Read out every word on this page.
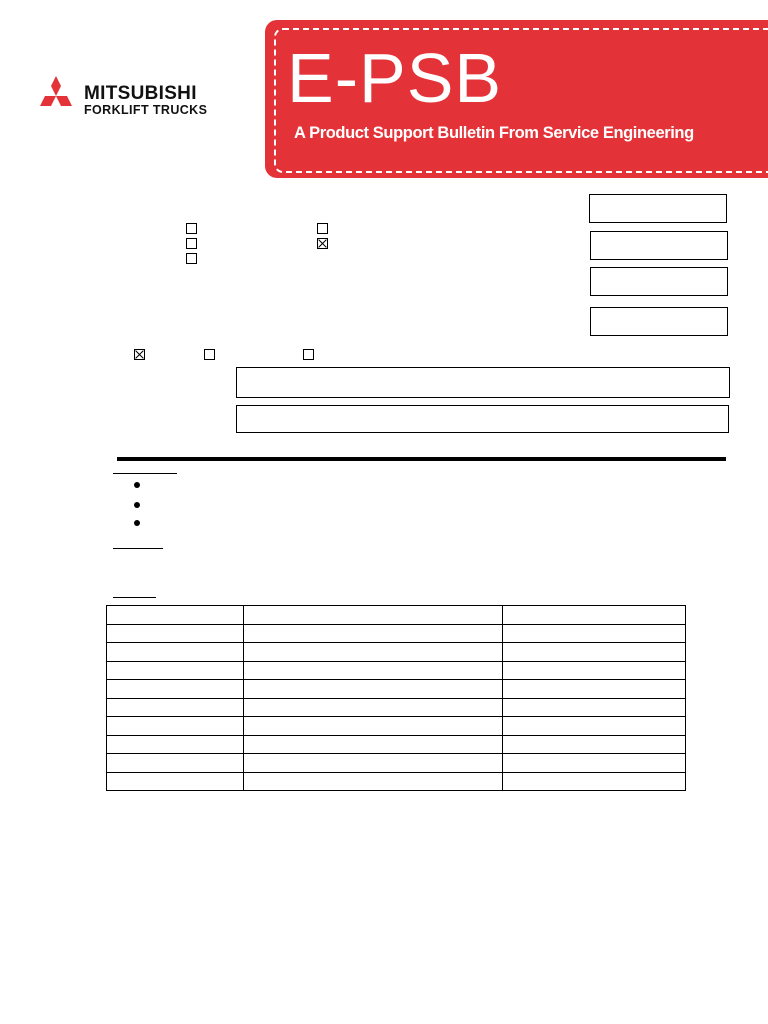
MITSUBISHI
FORKLIFT TRUCKS E-PSB
A Product Support Bulletin From Service Engineering
